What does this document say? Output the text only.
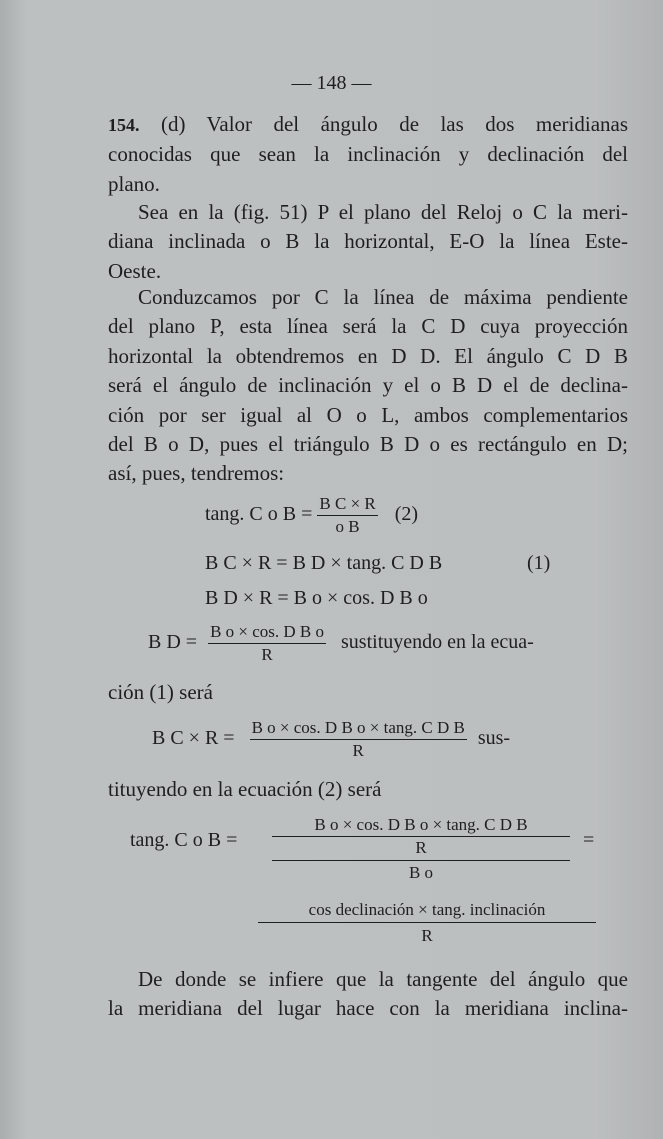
— 148 —

154. (d) Valor del ángulo de las dos meridianas
conocidas que sean la inclinación y declinación del
plano.

Sea en la (fig. 51) P el plano del Reloj o C la meri-
diana inclinada o B la horizontal, E-O la línea Este-
Oeste.

Conduzcamos por C la línea de máxima pendiente
del plano P, esta línea será la C D cuya proyección
horizontal la obtendremos en D D. El ángulo C D B
será el ángulo de inclinación y el o B D el de declina-
ción por ser igual al O o L, ambos complementarios
del B o D, pues el triángulo B D o es rectángulo en D;
así, pues, tendremos:

tang. C o $B = \frac{\text{B C × R}}{\text{o B}} (2)$
B C × R = B D × tang. C D B	(1)
B D × R = B o × cos. D B o
B $D = \frac{\text{B o × cos. D B o}}{R}$ sustituyendo en la ecua-
ción (1) será
B $C \times R = \frac{\text{B o × cos. D B o × tang. C D B}}{R} sus-$
tituyendo en la ecuación (2) será
tang. C o B =
B o × cos. D B o × tang. C D B
R
B o
=
cos declinación × tang. inclinación
R

De donde se infiere que la tangente del ángulo que
la meridiana del lugar hace con la meridiana inclina-
